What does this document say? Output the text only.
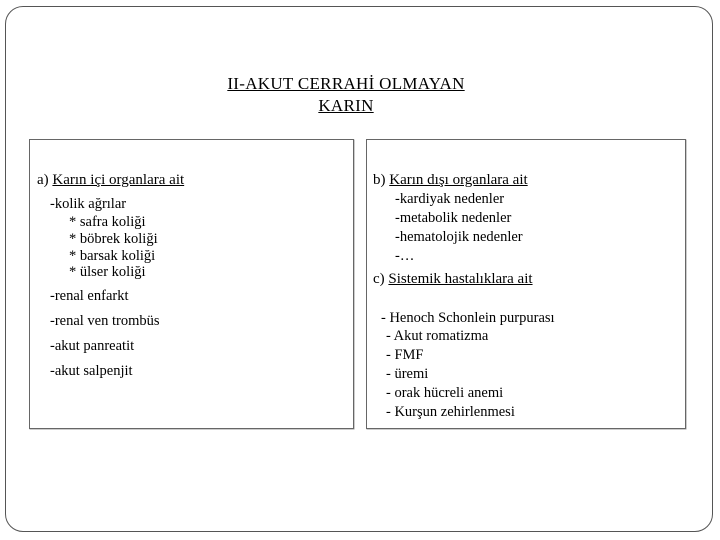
II-AKUT CERRAHİ OLMAYAN
KARIN
a) Karın içi organlara ait
-kolik ağrılar
* safra koliği
* böbrek koliği
* barsak koliği
* ülser koliği
-renal enfarkt
-renal ven trombüs
-akut panreatit
-akut salpenjit
b) Karın dışı organlara ait
-kardiyak nedenler
-metabolik nedenler
-hematolojik nedenler
-…
c) Sistemik hastalıklara ait
- Henoch Schonlein purpurası
- Akut romatizma
- FMF
- üremi
- orak hücreli anemi
- Kurşun zehirlenmesi
